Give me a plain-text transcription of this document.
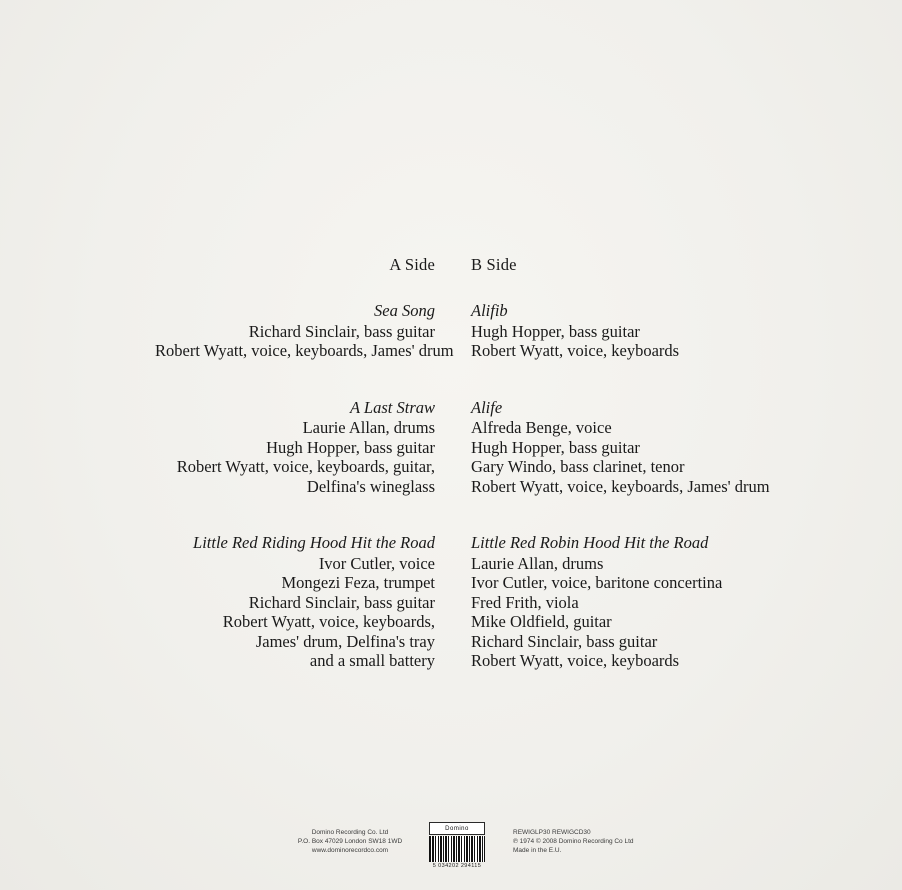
A Side
Sea Song
Richard Sinclair, bass guitar
Robert Wyatt, voice, keyboards, James' drum
A Last Straw
Laurie Allan, drums
Hugh Hopper, bass guitar
Robert Wyatt, voice, keyboards, guitar,
Delfina's wineglass
Little Red Riding Hood Hit the Road
Ivor Cutler, voice
Mongezi Feza, trumpet
Richard Sinclair, bass guitar
Robert Wyatt, voice, keyboards,
James' drum, Delfina's tray
and a small battery
B Side
Alifib
Hugh Hopper, bass guitar
Robert Wyatt, voice, keyboards
Alife
Alfreda Benge, voice
Hugh Hopper, bass guitar
Gary Windo, bass clarinet, tenor
Robert Wyatt, voice, keyboards, James' drum
Little Red Robin Hood Hit the Road
Laurie Allan, drums
Ivor Cutler, voice, baritone concertina
Fred Frith, viola
Mike Oldfield, guitar
Richard Sinclair, bass guitar
Robert Wyatt, voice, keyboards
Domino Recording Co. Ltd
P.O. Box 47029 London SW18 1WD
www.dominorecordco.com
Domino
5 034202 294115
REWIGLP30 REWIGCD30
℗ 1974 © 2008 Domino Recording Co Ltd
Made in the E.U.
